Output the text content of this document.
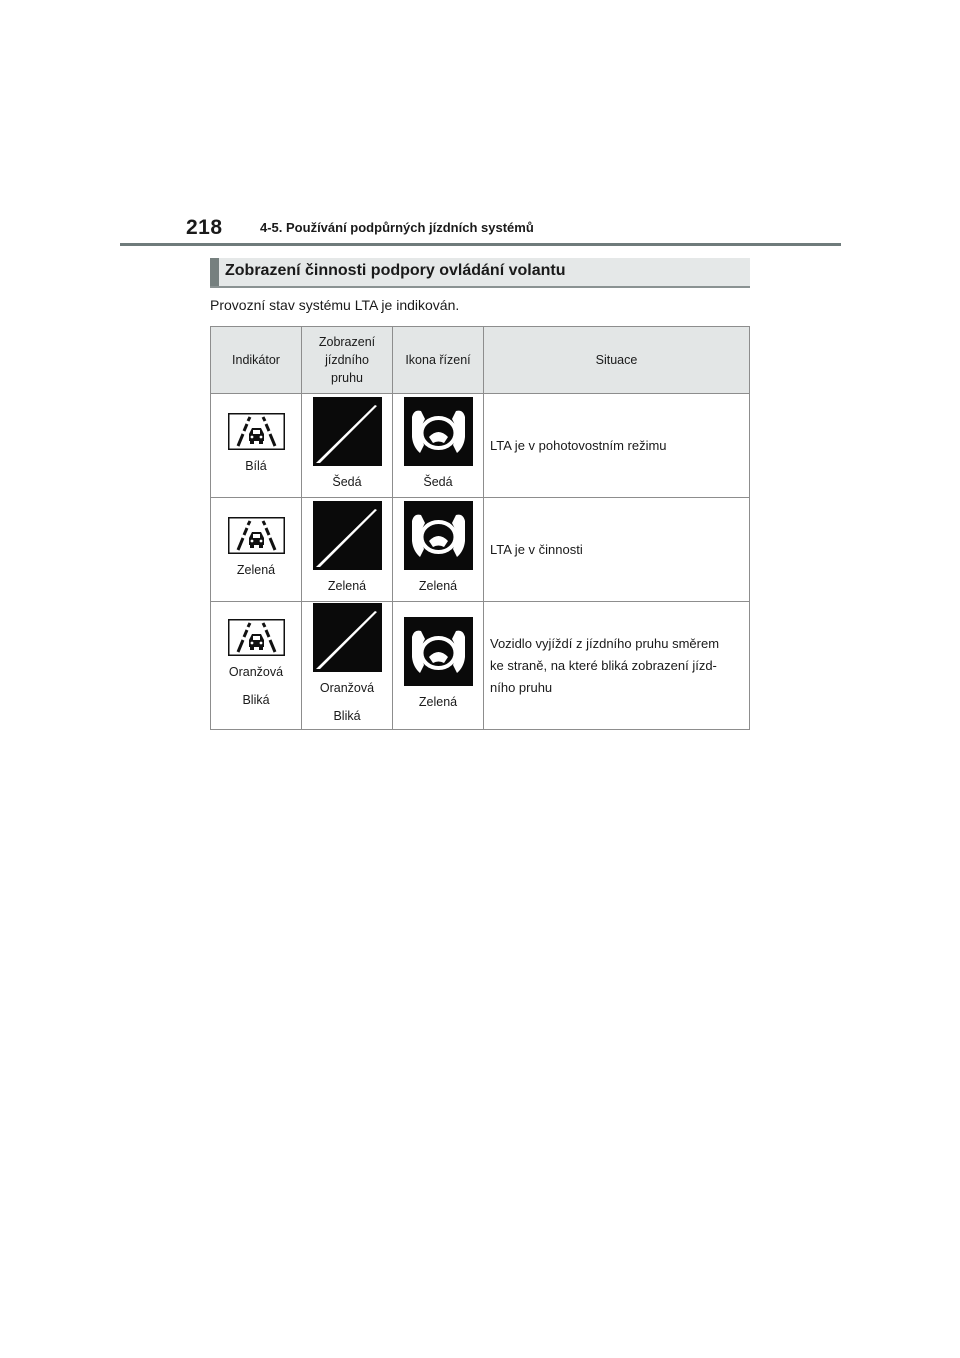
218	4-5. Používání podpůrných jízdních systémů
Zobrazení činnosti podpory ovládání volantu
Provozní stav systému LTA je indikován.
Indikátor	Zobrazení
jízdního
pruhu	Ikona řízení	Situace

Bílá	Šedá	Šedá	LTA je v pohotovostním režimu

Zelená	Zelená	Zelená	LTA je v činnosti

Oranžová
Bliká	Oranžová
Bliká	Zelená	Vozidlo vyjíždí z jízdního pruhu směrem
ke straně, na které bliká zobrazení jízd-
ního pruhu
